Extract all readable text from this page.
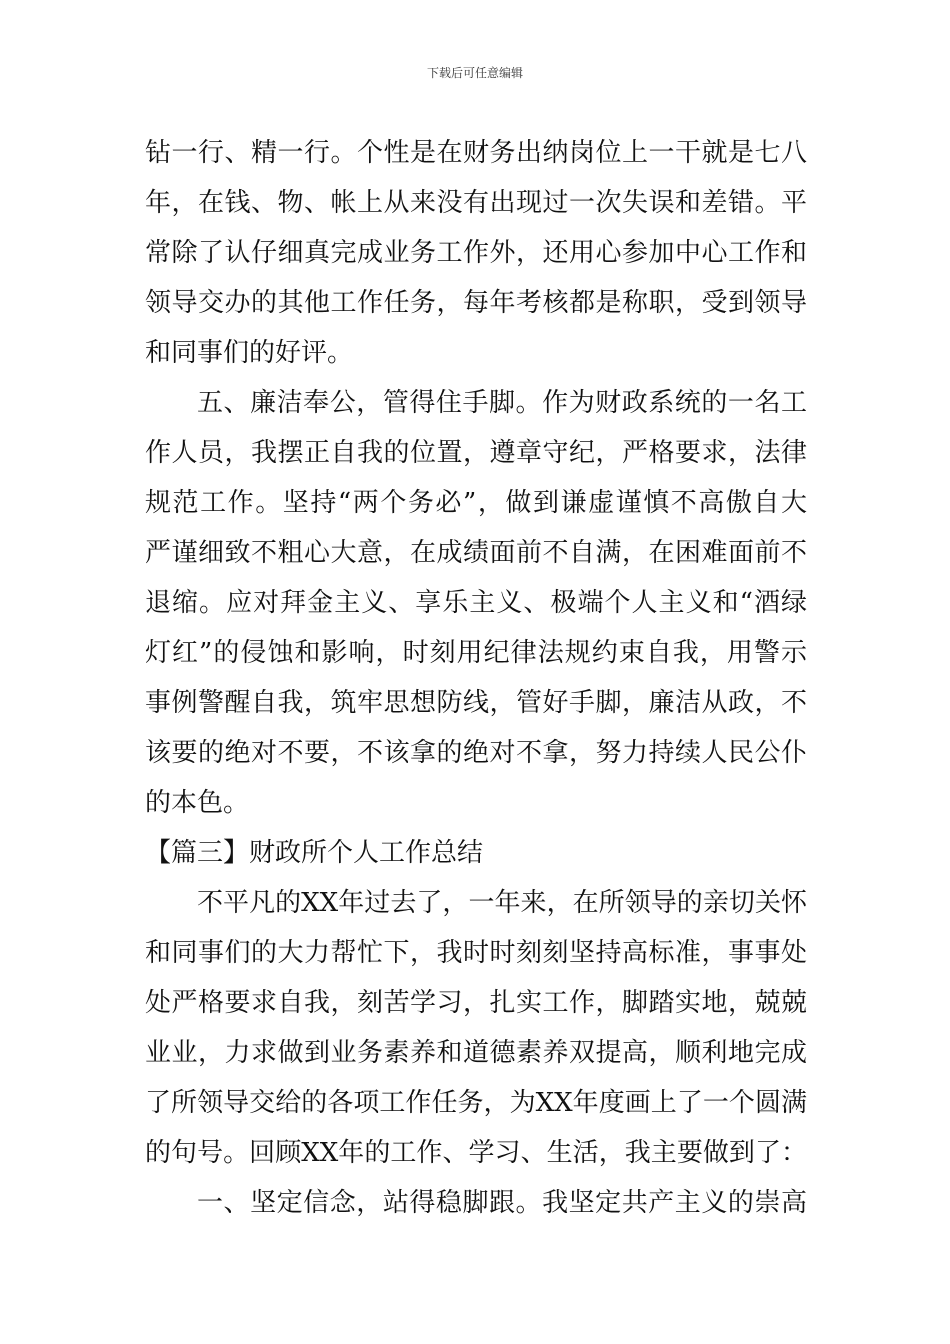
下载后可任意编辑
钻一行、精一行。个性是在财务出纳岗位上一干就是七八
年，在钱、物、帐上从来没有出现过一次失误和差错。平
常除了认仔细真完成业务工作外，还用心参加中心工作和
领导交办的其他工作任务，每年考核都是称职，受到领导
和同事们的好评。
五、廉洁奉公，管得住手脚。作为财政系统的一名工
作人员，我摆正自我的位置，遵章守纪，严格要求，法律
规范工作。坚持“两个务必”，做到谦虚谨慎不高傲自大
严谨细致不粗心大意，在成绩面前不自满，在困难面前不
退缩。应对拜金主义、享乐主义、极端个人主义和“酒绿
灯红”的侵蚀和影响，时刻用纪律法规约束自我，用警示
事例警醒自我，筑牢思想防线，管好手脚，廉洁从政，不
该要的绝对不要，不该拿的绝对不拿，努力持续人民公仆
的本色。
【篇三】财政所个人工作总结
不平凡的XX年过去了，一年来，在所领导的亲切关怀
和同事们的大力帮忙下，我时时刻刻坚持高标准，事事处
处严格要求自我，刻苦学习，扎实工作，脚踏实地，兢兢
业业，力求做到业务素养和道德素养双提高，顺利地完成
了所领导交给的各项工作任务，为XX年度画上了一个圆满
的句号。回顾XX年的工作、学习、生活，我主要做到了：
一、坚定信念，站得稳脚跟。我坚定共产主义的崇高
